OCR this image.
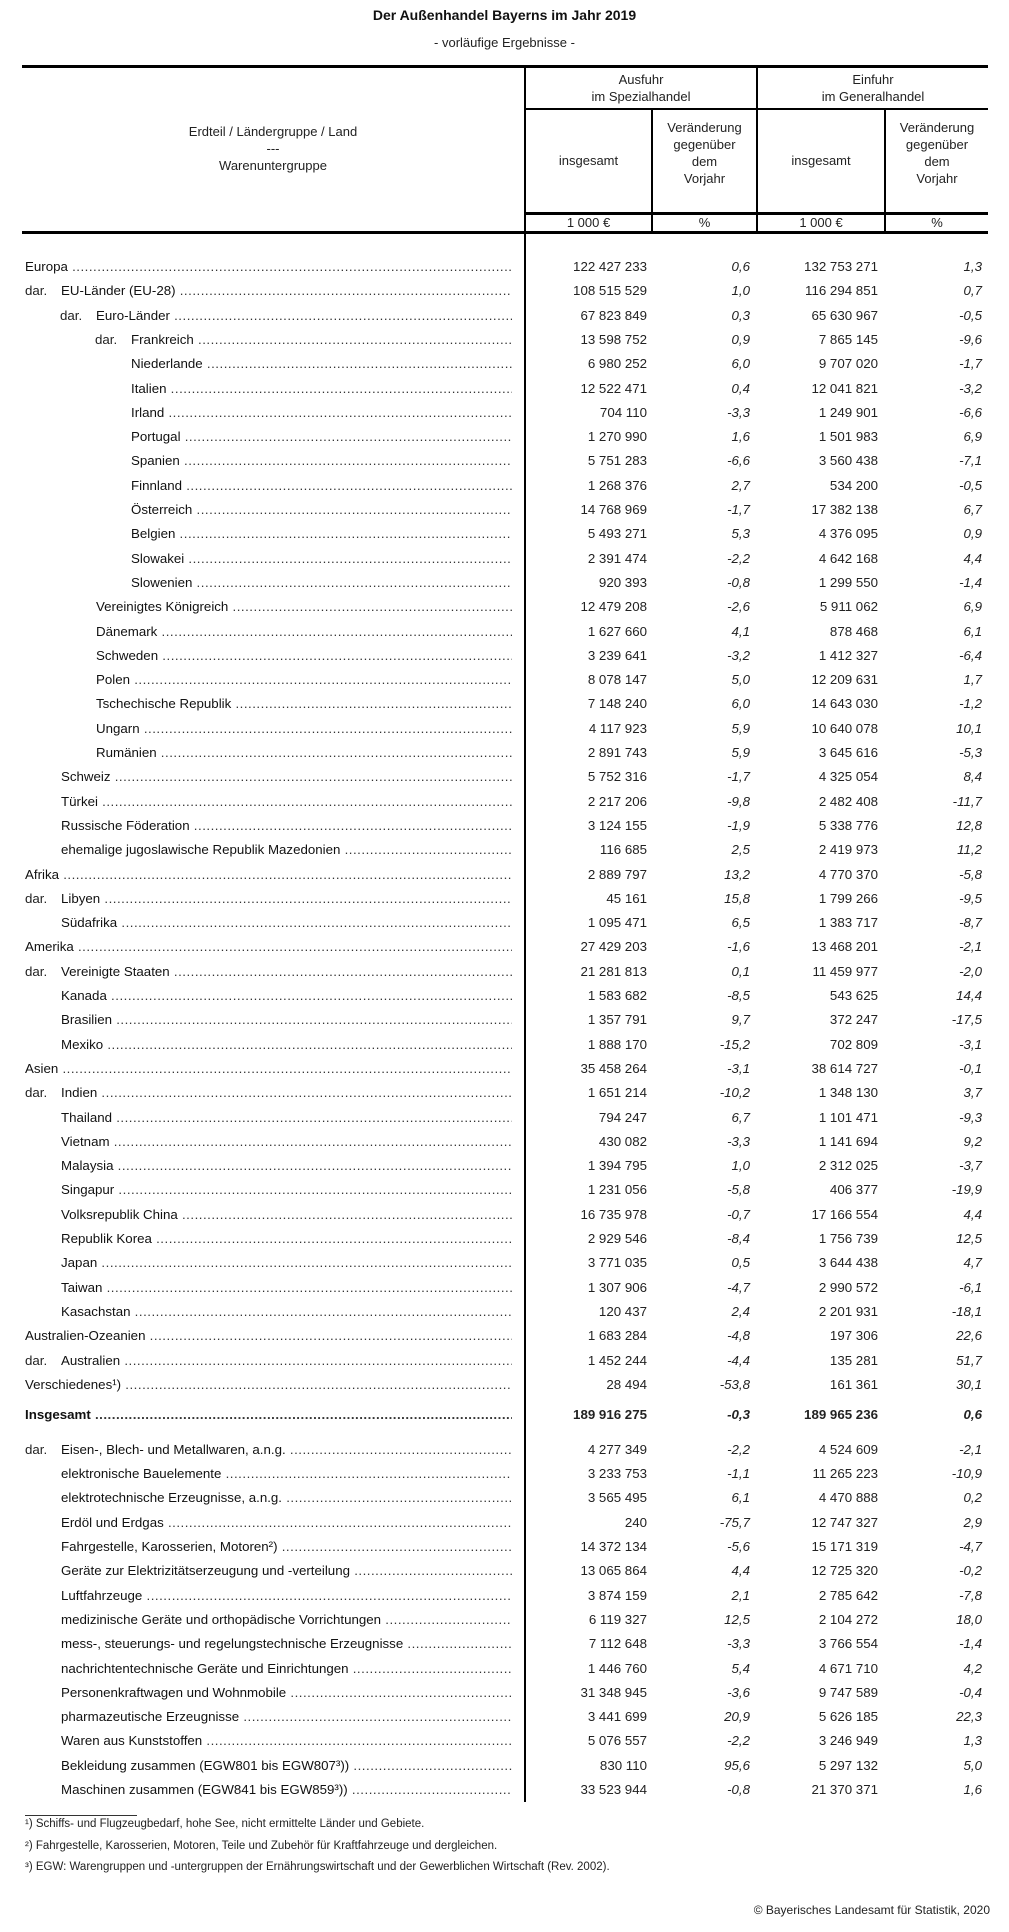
Der Außenhandel Bayerns im Jahr 2019
- vorläufige Ergebnisse -
Erdteil / Ländergruppe / Land
---
Warenuntergruppe
Ausfuhr
im Spezialhandel
Einfuhr
im Generalhandel
insgesamt
Veränderung
gegenüber
dem
Vorjahr
insgesamt
Veränderung
gegenüber
dem
Vorjahr
1 000 €	%	1 000 €	%
Europa .....	122 427 233	0,6	132 753 271	1,3
dar. EU-Länder (EU-28) .....	108 515 529	1,0	116 294 851	0,7
dar. Euro-Länder .....	67 823 849	0,3	65 630 967	-0,5
dar. Frankreich .....	13 598 752	0,9	7 865 145	-9,6
Niederlande .....	6 980 252	6,0	9 707 020	-1,7
Italien .....	12 522 471	0,4	12 041 821	-3,2
Irland .....	704 110	-3,3	1 249 901	-6,6
Portugal .....	1 270 990	1,6	1 501 983	6,9
Spanien .....	5 751 283	-6,6	3 560 438	-7,1
Finnland .....	1 268 376	2,7	534 200	-0,5
Österreich .....	14 768 969	-1,7	17 382 138	6,7
Belgien .....	5 493 271	5,3	4 376 095	0,9
Slowakei .....	2 391 474	-2,2	4 642 168	4,4
Slowenien .....	920 393	-0,8	1 299 550	-1,4
Vereinigtes Königreich .....	12 479 208	-2,6	5 911 062	6,9
Dänemark .....	1 627 660	4,1	878 468	6,1
Schweden .....	3 239 641	-3,2	1 412 327	-6,4
Polen .....	8 078 147	5,0	12 209 631	1,7
Tschechische Republik .....	7 148 240	6,0	14 643 030	-1,2
Ungarn .....	4 117 923	5,9	10 640 078	10,1
Rumänien .....	2 891 743	5,9	3 645 616	-5,3
Schweiz .....	5 752 316	-1,7	4 325 054	8,4
Türkei .....	2 217 206	-9,8	2 482 408	-11,7
Russische Föderation .....	3 124 155	-1,9	5 338 776	12,8
ehemalige jugoslawische Republik Mazedonien .....	116 685	2,5	2 419 973	11,2
Afrika .....	2 889 797	13,2	4 770 370	-5,8
dar. Libyen .....	45 161	15,8	1 799 266	-9,5
Südafrika .....	1 095 471	6,5	1 383 717	-8,7
Amerika .....	27 429 203	-1,6	13 468 201	-2,1
dar. Vereinigte Staaten .....	21 281 813	0,1	11 459 977	-2,0
Kanada .....	1 583 682	-8,5	543 625	14,4
Brasilien .....	1 357 791	9,7	372 247	-17,5
Mexiko .....	1 888 170	-15,2	702 809	-3,1
Asien .....	35 458 264	-3,1	38 614 727	-0,1
dar. Indien .....	1 651 214	-10,2	1 348 130	3,7
Thailand .....	794 247	6,7	1 101 471	-9,3
Vietnam .....	430 082	-3,3	1 141 694	9,2
Malaysia .....	1 394 795	1,0	2 312 025	-3,7
Singapur .....	1 231 056	-5,8	406 377	-19,9
Volksrepublik China .....	16 735 978	-0,7	17 166 554	4,4
Republik Korea .....	2 929 546	-8,4	1 756 739	12,5
Japan .....	3 771 035	0,5	3 644 438	4,7
Taiwan .....	1 307 906	-4,7	2 990 572	-6,1
Kasachstan .....	120 437	2,4	2 201 931	-18,1
Australien-Ozeanien .....	1 683 284	-4,8	197 306	22,6
dar. Australien .....	1 452 244	-4,4	135 281	51,7
Verschiedenes¹) .....	28 494	-53,8	161 361	30,1
Insgesamt .....	189 916 275	-0,3	189 965 236	0,6
dar. Eisen-, Blech- und Metallwaren, a.n.g. .....	4 277 349	-2,2	4 524 609	-2,1
elektronische Bauelemente .....	3 233 753	-1,1	11 265 223	-10,9
elektrotechnische Erzeugnisse, a.n.g. .....	3 565 495	6,1	4 470 888	0,2
Erdöl und Erdgas .....	240	-75,7	12 747 327	2,9
Fahrgestelle, Karosserien, Motoren²) .....	14 372 134	-5,6	15 171 319	-4,7
Geräte zur Elektrizitätserzeugung und -verteilung .....	13 065 864	4,4	12 725 320	-0,2
Luftfahrzeuge .....	3 874 159	2,1	2 785 642	-7,8
medizinische Geräte und orthopädische Vorrichtungen .....	6 119 327	12,5	2 104 272	18,0
mess-, steuerungs- und regelungstechnische Erzeugnisse .....	7 112 648	-3,3	3 766 554	-1,4
nachrichtentechnische Geräte und Einrichtungen .....	1 446 760	5,4	4 671 710	4,2
Personenkraftwagen und Wohnmobile .....	31 348 945	-3,6	9 747 589	-0,4
pharmazeutische Erzeugnisse .....	3 441 699	20,9	5 626 185	22,3
Waren aus Kunststoffen .....	5 076 557	-2,2	3 246 949	1,3
Bekleidung zusammen (EGW801 bis EGW807³)) .....	830 110	95,6	5 297 132	5,0
Maschinen zusammen (EGW841 bis EGW859³)) .....	33 523 944	-0,8	21 370 371	1,6
¹) Schiffs- und Flugzeugbedarf, hohe See, nicht ermittelte Länder und Gebiete.
²) Fahrgestelle, Karosserien, Motoren, Teile und Zubehör für Kraftfahrzeuge und dergleichen.
³) EGW: Warengruppen und -untergruppen der Ernährungswirtschaft und der Gewerblichen Wirtschaft (Rev. 2002).
© Bayerisches Landesamt für Statistik, 2020
